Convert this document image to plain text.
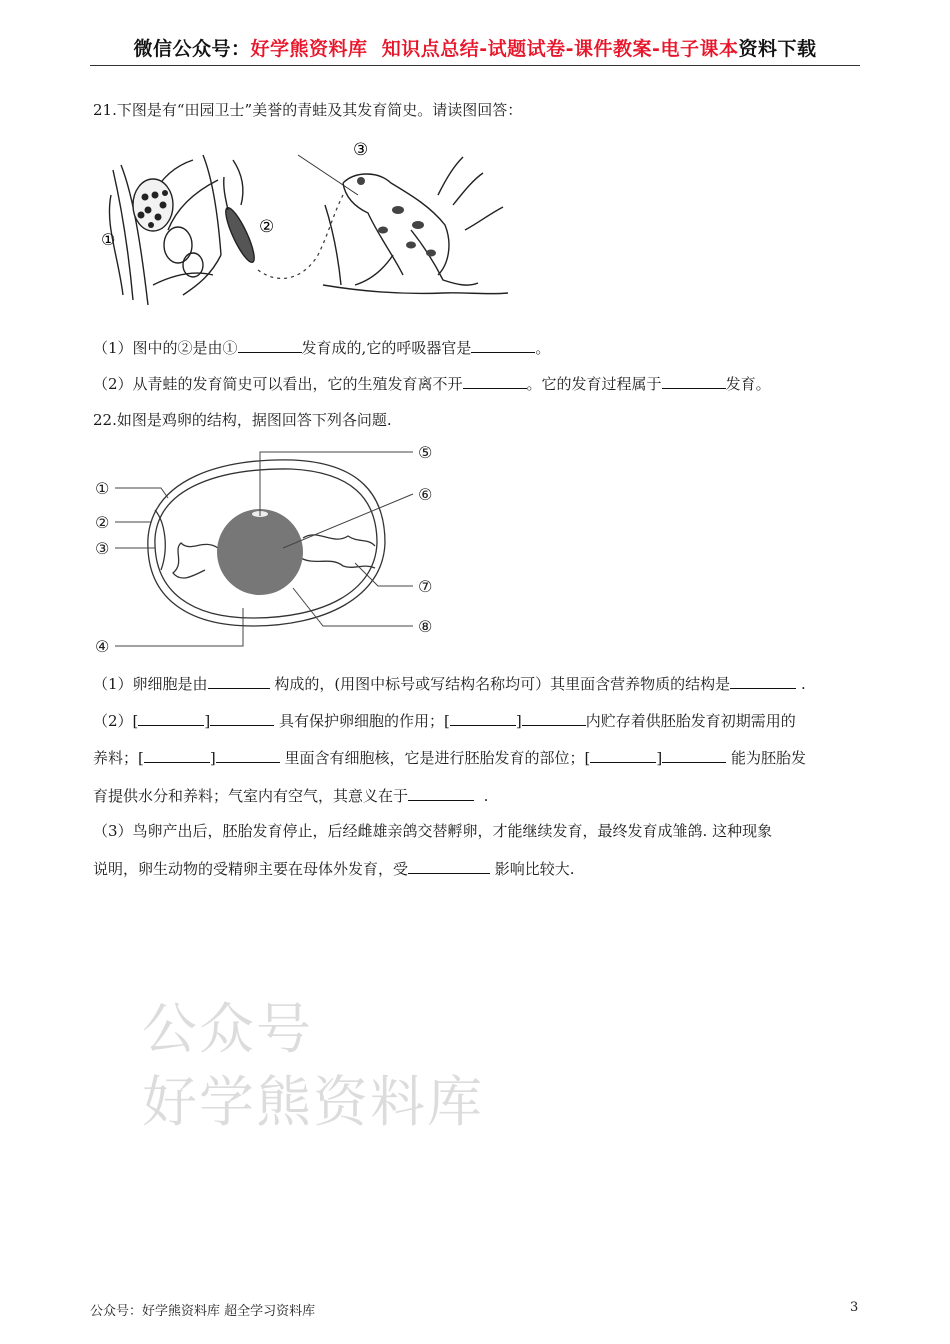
微信公众号：好学熊资料库 知识点总结-试题试卷-课件教案-电子课本资料下载
21.下图是有“田园卫士”美誉的青蛙及其发育简史。请读图回答：
①
②
③
（1）图中的②是由①	发育成的,它的呼吸器官是	。
（2）从青蛙的发育简史可以看出，它的生殖发育离不开	。它的发育过程属于	发育。
22.如图是鸡卵的结构，据图回答下列各问题.
①
②
③
④
⑤
⑥
⑦
⑧
（1）卵细胞是由	构成的，(用图中标号或写结构名称均可）其里面含营养物质的结构是	.
（2）[	]	具有保护卵细胞的作用；[	]	内贮存着供胚胎发育初期需用的
养料；[	]	里面含有细胞核，它是进行胚胎发育的部位；[	]	能为胚胎发
育提供水分和养料；气室内有空气，其意义在于	.
（3）鸟卵产出后，胚胎发育停止，后经雌雄亲鸽交替孵卵，才能继续发育，最终发育成雏鸽. 这种现象
说明，卵生动物的受精卵主要在母体外发育，受	影响比较大.
公众号
好学熊资料库
公众号：好学熊资料库 超全学习资料库	3
